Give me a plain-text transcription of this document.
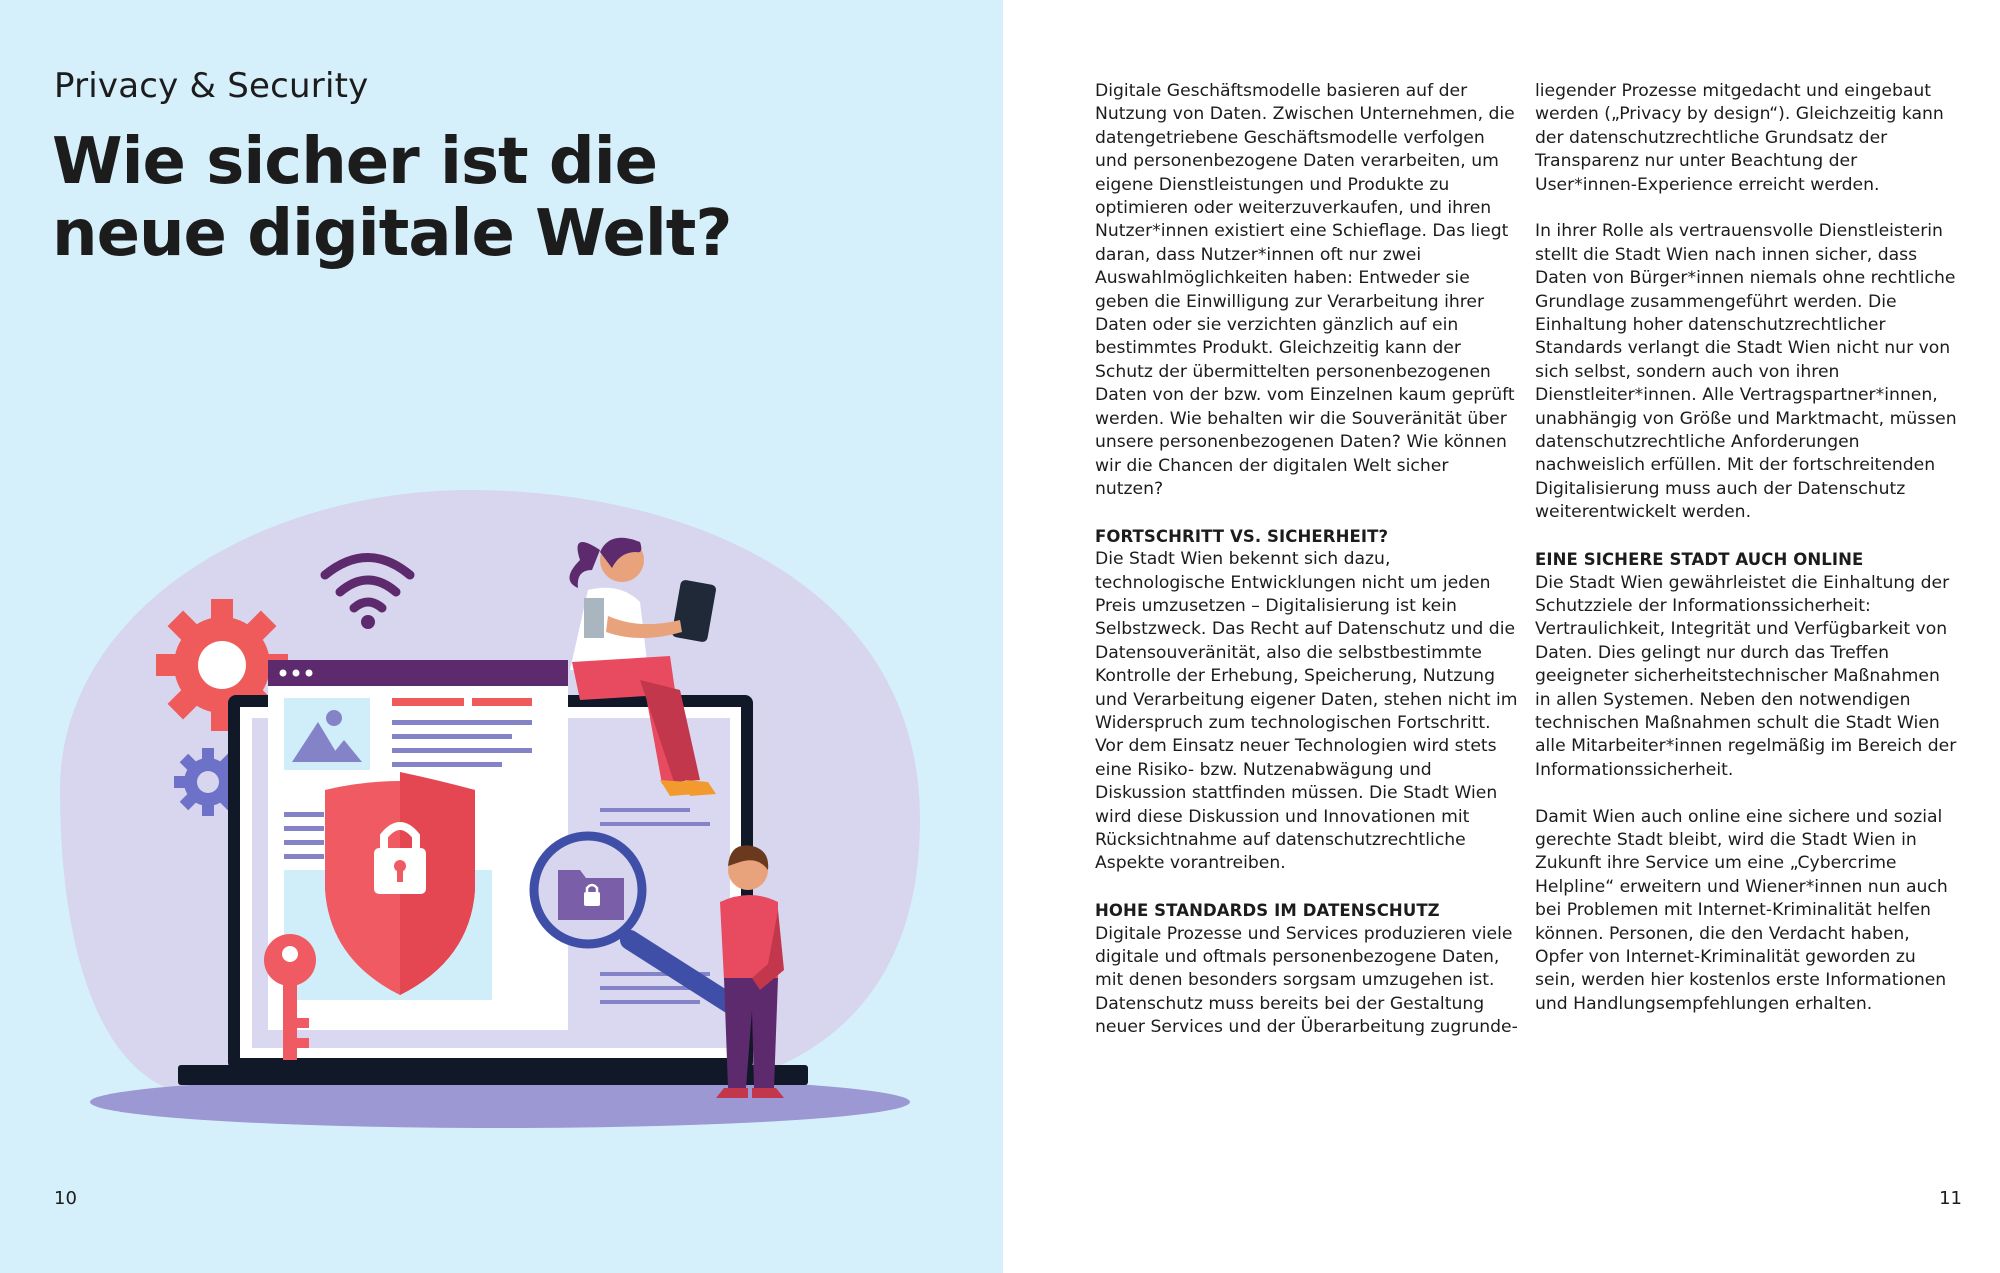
Privacy & Security
Wie sicher ist die neue digitale Welt?
10

Digitale Geschäftsmodelle basieren auf der Nutzung von Daten. Zwischen Unternehmen, die datengetriebene Geschäftsmodelle verfolgen und personenbezogene Daten verarbeiten, um eigene Dienstleistungen und Produkte zu optimieren oder weiterzuverkaufen, und ihren Nutzer*innen existiert eine Schieflage. Das liegt daran, dass Nutzer*innen oft nur zwei Auswahlmöglichkeiten haben: Entweder sie geben die Einwilligung zur Verarbeitung ihrer Daten oder sie verzichten gänzlich auf ein bestimmtes Produkt. Gleichzeitig kann der Schutz der übermittelten personenbezogenen Daten von der bzw. vom Einzelnen kaum geprüft werden. Wie behalten wir die Souveränität über unsere personenbezogenen Daten? Wie können wir die Chancen der digitalen Welt sicher nutzen?

FORTSCHRITT VS. SICHERHEIT?

Die Stadt Wien bekennt sich dazu, technologische Entwicklungen nicht um jeden Preis umzusetzen – Digitalisierung ist kein Selbstzweck. Das Recht auf Datenschutz und die Datensouveränität, also die selbstbestimmte Kontrolle der Erhebung, Speicherung, Nutzung und Verarbeitung eigener Daten, stehen nicht im Widerspruch zum technologischen Fortschritt. Vor dem Einsatz neuer Technologien wird stets eine Risiko- bzw. Nutzenabwägung und Diskussion stattfinden müssen. Die Stadt Wien wird diese Diskussion und Innovationen mit Rücksichtnahme auf datenschutzrechtliche Aspekte vorantreiben.

HOHE STANDARDS IM DATENSCHUTZ

Digitale Prozesse und Services produzieren viele digitale und oftmals personenbezogene Daten, mit denen besonders sorgsam umzugehen ist. Datenschutz muss bereits bei der Gestaltung neuer Services und der Überarbeitung zugrunde-

liegender Prozesse mitgedacht und eingebaut werden („Privacy by design“). Gleichzeitig kann der datenschutzrechtliche Grundsatz der Transparenz nur unter Beachtung der User*innen-Experience erreicht werden.

In ihrer Rolle als vertrauensvolle Dienstleisterin stellt die Stadt Wien nach innen sicher, dass Daten von Bürger*innen niemals ohne rechtliche Grundlage zusammengeführt werden. Die Einhaltung hoher datenschutzrechtlicher Standards verlangt die Stadt Wien nicht nur von sich selbst, sondern auch von ihren Dienstleiter*innen. Alle Vertragspartner*innen, unabhängig von Größe und Marktmacht, müssen datenschutzrechtliche Anforderungen nachweislich erfüllen. Mit der fortschreitenden Digitalisierung muss auch der Datenschutz weiterentwickelt werden.

EINE SICHERE STADT AUCH ONLINE

Die Stadt Wien gewährleistet die Einhaltung der Schutzziele der Informationssicherheit: Vertraulichkeit, Integrität und Verfügbarkeit von Daten. Dies gelingt nur durch das Treffen geeigneter sicherheitstechnischer Maßnahmen in allen Systemen. Neben den notwendigen technischen Maßnahmen schult die Stadt Wien alle Mitarbeiter*innen regelmäßig im Bereich der Informationssicherheit.

Damit Wien auch online eine sichere und sozial gerechte Stadt bleibt, wird die Stadt Wien in Zukunft ihre Service um eine „Cybercrime Helpline“ erweitern und Wiener*innen nun auch bei Problemen mit Internet-Kriminalität helfen können. Personen, die den Verdacht haben, Opfer von Internet-Kriminalität geworden zu sein, werden hier kostenlos erste Informationen und Handlungsempfehlungen erhalten.

11
